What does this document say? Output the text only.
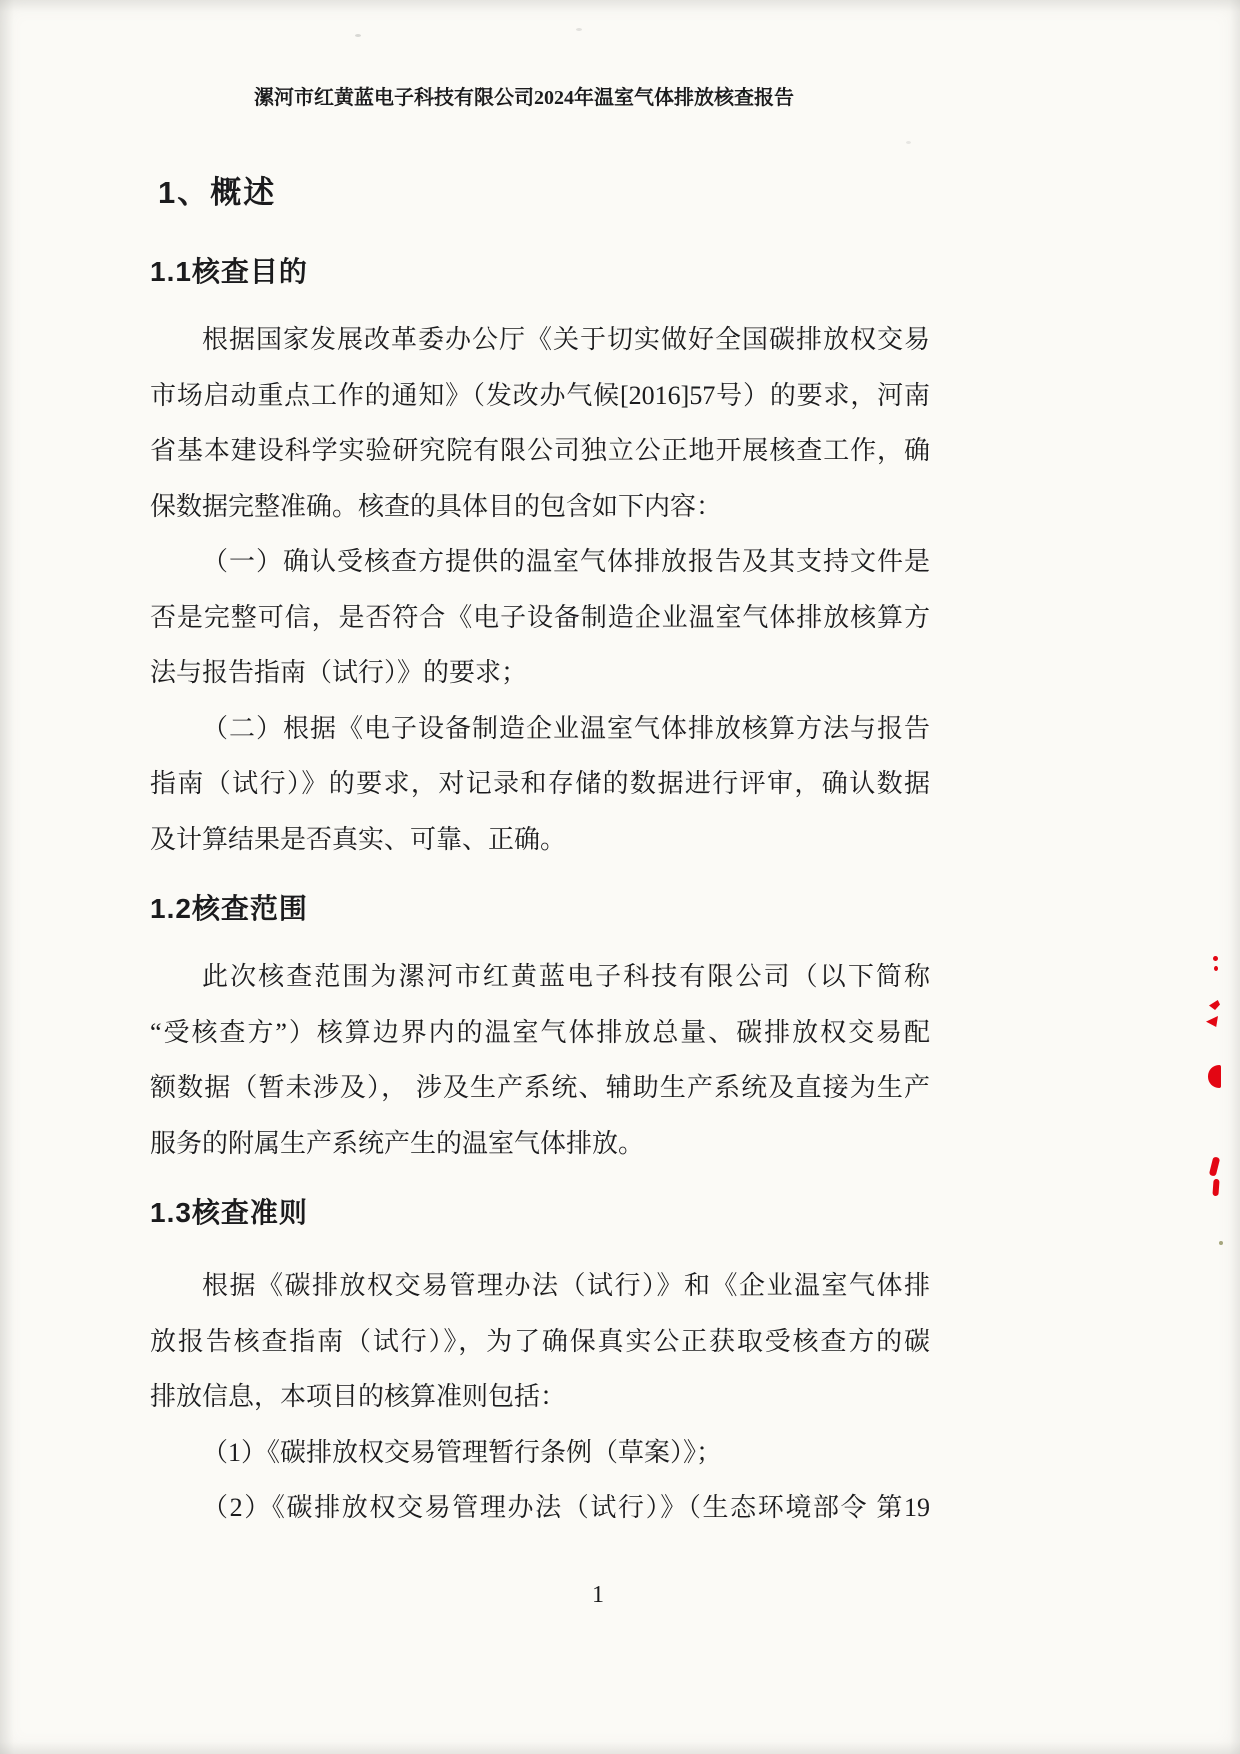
漯河市红黄蓝电子科技有限公司2024年温室气体排放核查报告
1、概述
1.1核查目的
根据国家发展改革委办公厅《关于切实做好全国碳排放权交易
市场启动重点工作的通知》（发改办气候[2016]57号）的要求，河南
省基本建设科学实验研究院有限公司独立公正地开展核查工作，确
保数据完整准确。核查的具体目的包含如下内容：
（一）确认受核查方提供的温室气体排放报告及其支持文件是
否是完整可信，是否符合《电子设备制造企业温室气体排放核算方
法与报告指南（试行）》的要求；
（二）根据《电子设备制造企业温室气体排放核算方法与报告
指南（试行）》的要求，对记录和存储的数据进行评审，确认数据
及计算结果是否真实、可靠、正确。
1.2核查范围
此次核查范围为漯河市红黄蓝电子科技有限公司（以下简称
“受核查方”）核算边界内的温室气体排放总量、碳排放权交易配
额数据（暂未涉及）， 涉及生产系统、辅助生产系统及直接为生产
服务的附属生产系统产生的温室气体排放。
1.3核查准则
根据《碳排放权交易管理办法（试行）》和《企业温室气体排
放报告核查指南（试行）》，为了确保真实公正获取受核查方的碳
排放信息，本项目的核算准则包括：
（1）《碳排放权交易管理暂行条例（草案）》；
（2）《碳排放权交易管理办法（试行）》（生态环境部令 第19
1
